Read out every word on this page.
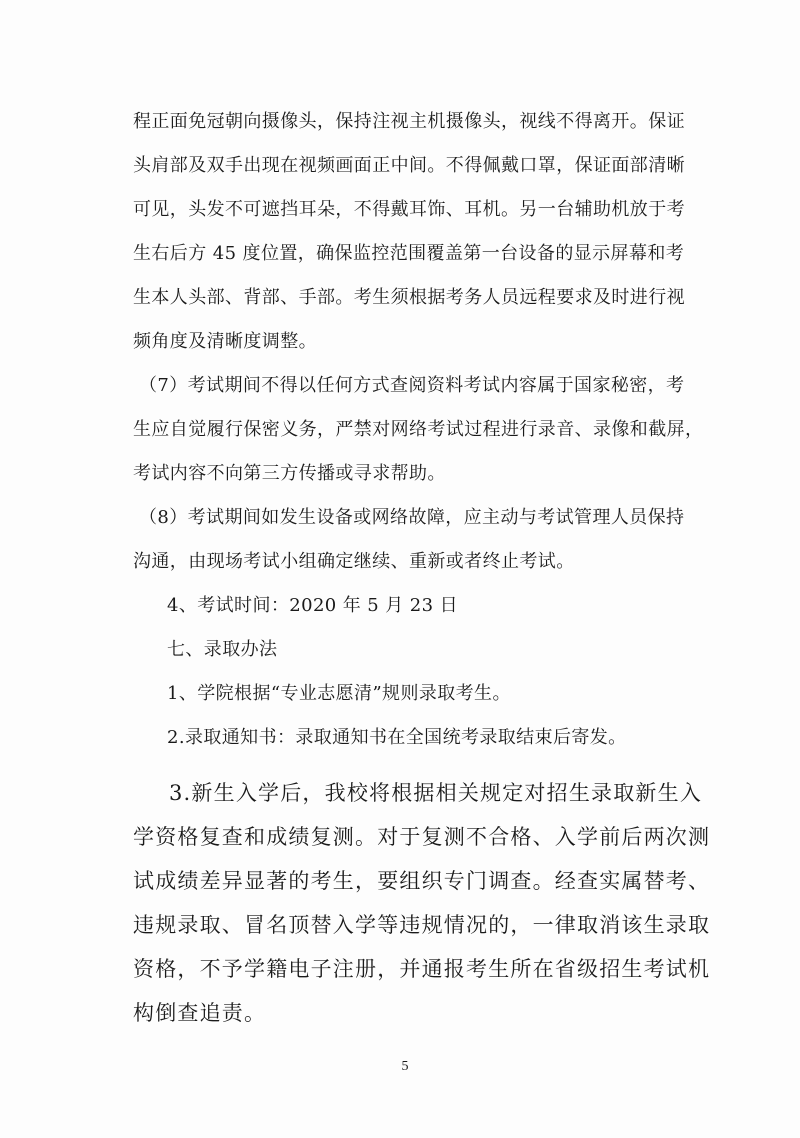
程正面免冠朝向摄像头，保持注视主机摄像头，视线不得离开。保证
头肩部及双手出现在视频画面正中间。不得佩戴口罩，保证面部清晰
可见，头发不可遮挡耳朵，不得戴耳饰、耳机。另一台辅助机放于考
生右后方 45 度位置，确保监控范围覆盖第一台设备的显示屏幕和考
生本人头部、背部、手部。考生须根据考务人员远程要求及时进行视
频角度及清晰度调整。
（7）考试期间不得以任何方式查阅资料考试内容属于国家秘密，考
生应自觉履行保密义务，严禁对网络考试过程进行录音、录像和截屏，
考试内容不向第三方传播或寻求帮助。
（8）考试期间如发生设备或网络故障，应主动与考试管理人员保持
沟通，由现场考试小组确定继续、重新或者终止考试。
4、考试时间：2020 年 5 月 23 日
七、录取办法
1、学院根据“专业志愿清”规则录取考生。
2.录取通知书：录取通知书在全国统考录取结束后寄发。
3.新生入学后，我校将根据相关规定对招生录取新生入
学资格复查和成绩复测。对于复测不合格、入学前后两次测
试成绩差异显著的考生，要组织专门调查。经查实属替考、
违规录取、冒名顶替入学等违规情况的，一律取消该生录取
资格，不予学籍电子注册，并通报考生所在省级招生考试机
构倒查追责。
5
